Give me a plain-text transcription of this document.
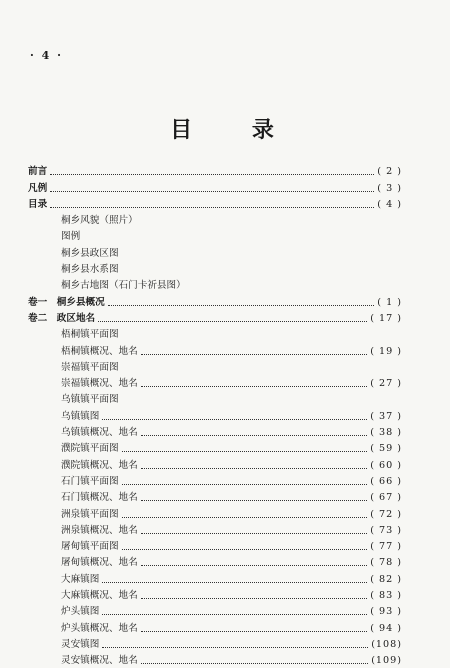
· 4 ·
目 录
前言	( 2 )
凡例	( 3 )
目录	( 4 )
桐乡风貌（照片）
图例
桐乡县政区图
桐乡县水系图
桐乡古地图（石门卡祈县图）
卷一　桐乡县概况	( 1 )
卷二　政区地名	( 17 )
梧桐镇平面图
梧桐镇概况、地名	( 19 )
崇福镇平面图
崇福镇概况、地名	( 27 )
乌镇镇平面图
乌镇镇图	( 37 )
乌镇镇概况、地名	( 38 )
濮院镇平面图	( 59 )
濮院镇概况、地名	( 60 )
石门镇平面图	( 66 )
石门镇概况、地名	( 67 )
洲泉镇平面图	( 72 )
洲泉镇概况、地名	( 73 )
屠甸镇平面图	( 77 )
屠甸镇概况、地名	( 78 )
大麻镇图	( 82 )
大麻镇概况、地名	( 83 )
炉头镇图	( 93 )
炉头镇概况、地名	( 94 )
灵安镇图	(108)
灵安镇概况、地名	(109)
